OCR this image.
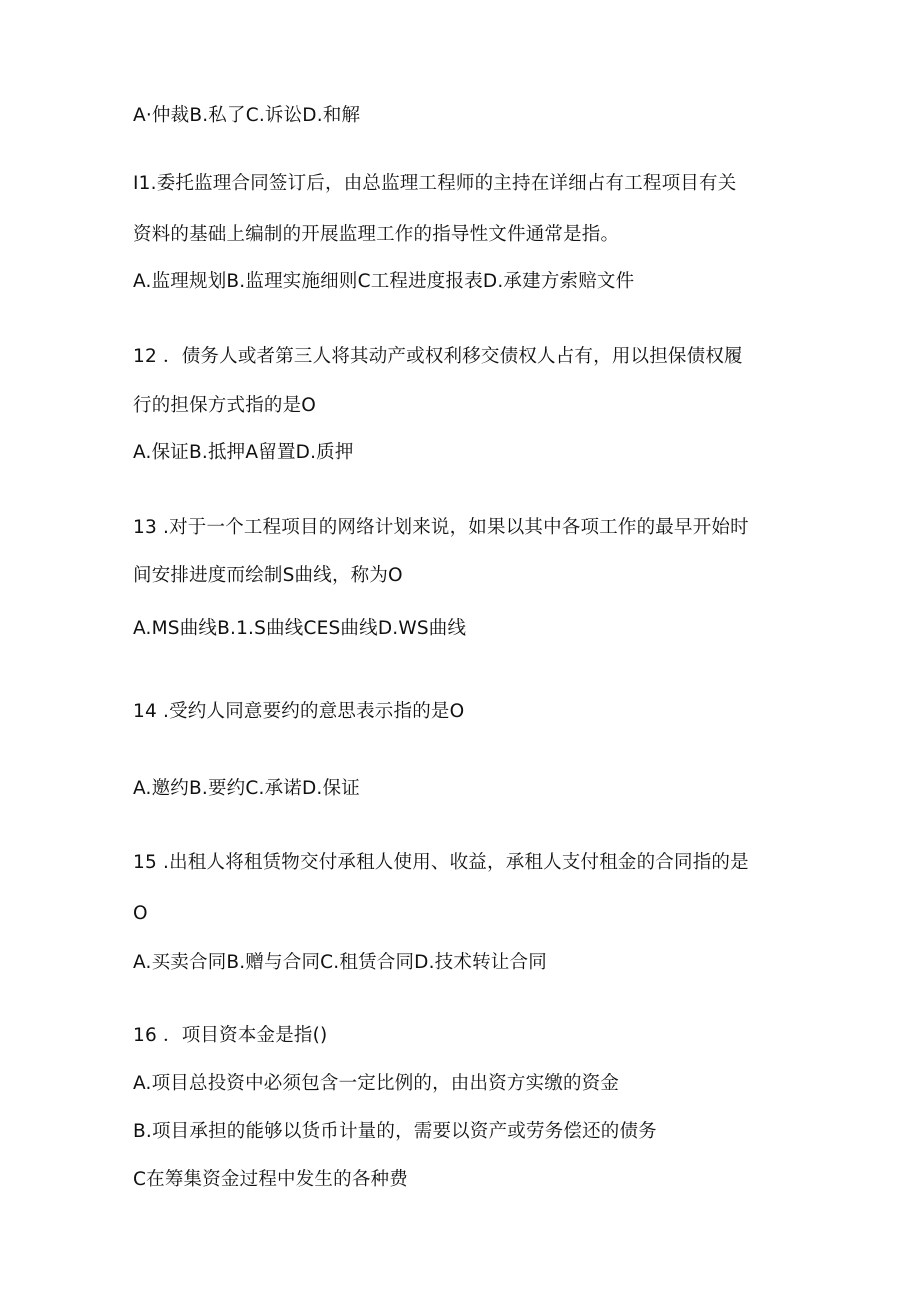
A·仲裁B.私了C.诉讼D.和解
I1.委托监理合同签订后，由总监理工程师的主持在详细占有工程项目有关
资料的基础上编制的开展监理工作的指导性文件通常是指。
A.监理规划B.监理实施细则C工程进度报表D.承建方索赔文件
12 ．债务人或者第三人将其动产或权利移交债权人占有，用以担保债权履
行的担保方式指的是O
A.保证B.抵押A留置D.质押
13 .对于一个工程项目的网络计划来说，如果以其中各项工作的最早开始时
间安排进度而绘制S曲线，称为O
A.MS曲线B.1.S曲线CES曲线D.WS曲线
14 .受约人同意要约的意思表示指的是O
A.邀约B.要约C.承诺D.保证
15 .出租人将租赁物交付承租人使用、收益，承租人支付租金的合同指的是
O
A.买卖合同B.赠与合同C.租赁合同D.技术转让合同
16 ．项目资本金是指()
A.项目总投资中必须包含一定比例的，由出资方实缴的资金
B.项目承担的能够以货币计量的，需要以资产或劳务偿还的债务
C在筹集资金过程中发生的各种费
